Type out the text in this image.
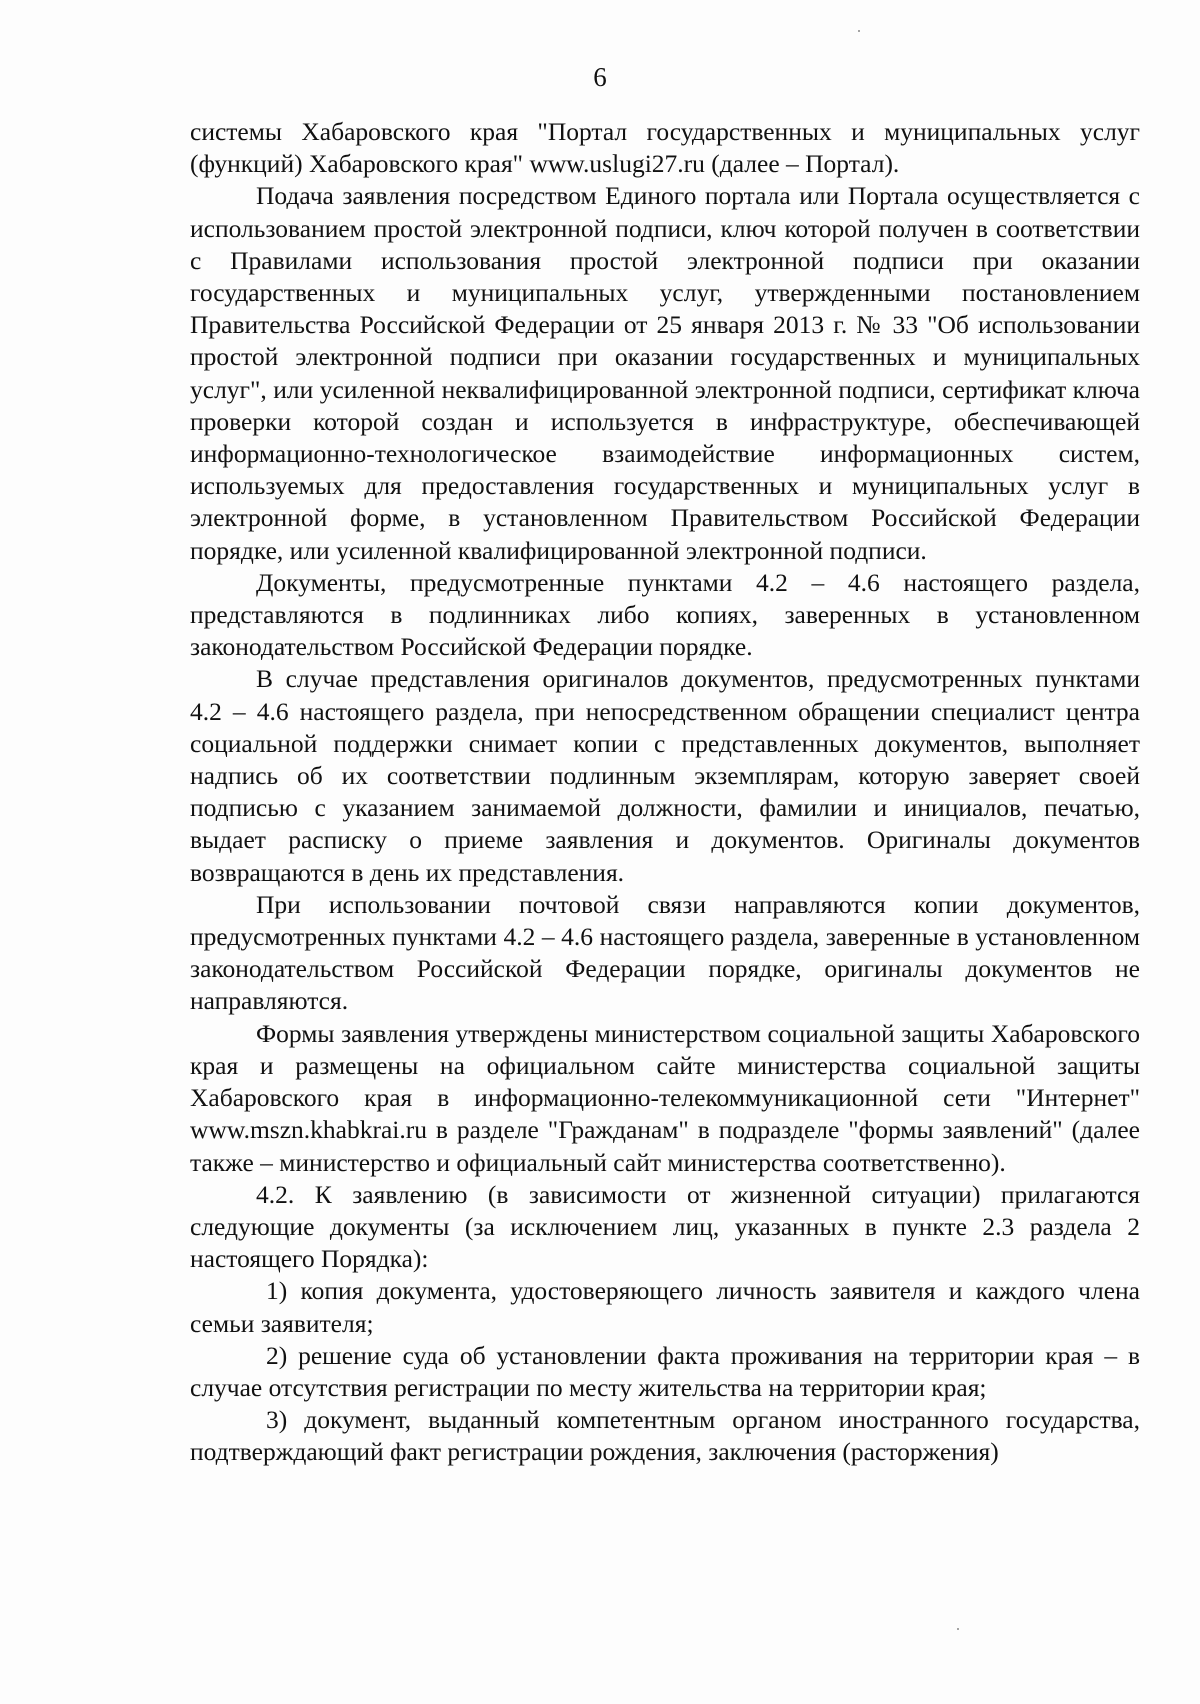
6

системы Хабаровского края "Портал государственных и муниципальных услуг (функций) Хабаровского края" www.uslugi27.ru (далее – Портал).

Подача заявления посредством Единого портала или Портала осуществляется с использованием простой электронной подписи, ключ которой получен в соответствии с Правилами использования простой электронной подписи при оказании государственных и муниципальных услуг, утвержденными постановлением Правительства Российской Федерации от 25 января 2013 г. № 33 "Об использовании простой электронной подписи при оказании государственных и муниципальных услуг", или усиленной неквалифицированной электронной подписи, сертификат ключа проверки которой создан и используется в инфраструктуре, обеспечивающей информационно-технологическое взаимодействие информационных систем, используемых для предоставления государственных и муниципальных услуг в электронной форме, в установленном Правительством Российской Федерации порядке, или усиленной квалифицированной электронной подписи.

Документы, предусмотренные пунктами 4.2 – 4.6 настоящего раздела, представляются в подлинниках либо копиях, заверенных в установленном законодательством Российской Федерации порядке.

В случае представления оригиналов документов, предусмотренных пунктами 4.2 – 4.6 настоящего раздела, при непосредственном обращении специалист центра социальной поддержки снимает копии с представленных документов, выполняет надпись об их соответствии подлинным экземплярам, которую заверяет своей подписью с указанием занимаемой должности, фамилии и инициалов, печатью, выдает расписку о приеме заявления и документов. Оригиналы документов возвращаются в день их представления.

При использовании почтовой связи направляются копии документов, предусмотренных пунктами 4.2 – 4.6 настоящего раздела, заверенные в установленном законодательством Российской Федерации порядке, оригиналы документов не направляются.

Формы заявления утверждены министерством социальной защиты Хабаровского края и размещены на официальном сайте министерства социальной защиты Хабаровского края в информационно-телекоммуникационной сети "Интернет" www.mszn.khabkrai.ru в разделе "Гражданам" в подразделе "формы заявлений" (далее также – министерство и официальный сайт министерства соответственно).

4.2. К заявлению (в зависимости от жизненной ситуации) прилагаются следующие документы (за исключением лиц, указанных в пункте 2.3 раздела 2 настоящего Порядка):

1) копия документа, удостоверяющего личность заявителя и каждого члена семьи заявителя;

2) решение суда об установлении факта проживания на территории края – в случае отсутствия регистрации по месту жительства на территории края;

3) документ, выданный компетентным органом иностранного государства, подтверждающий факт регистрации рождения, заключения (расторжения)
